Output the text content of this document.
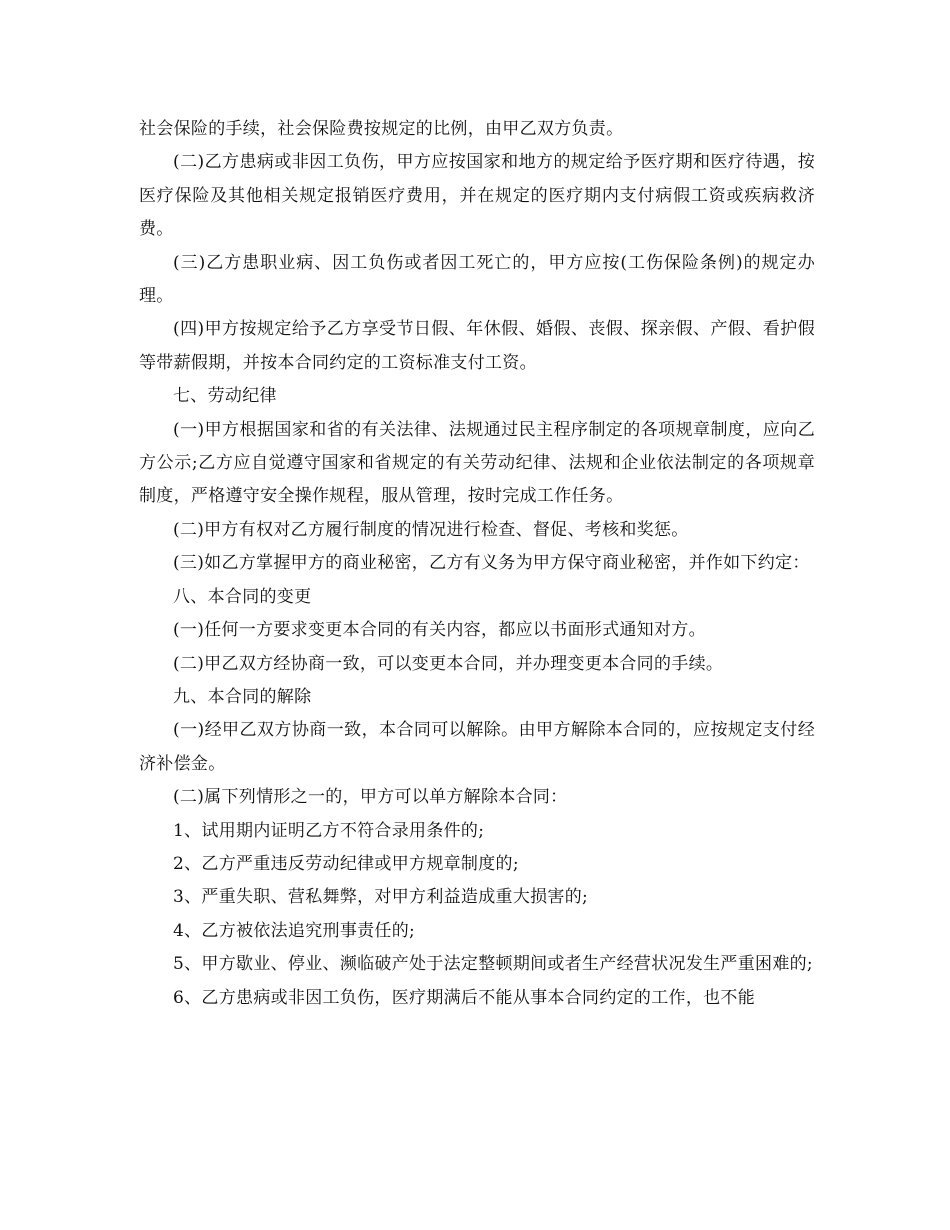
社会保险的手续，社会保险费按规定的比例，由甲乙双方负责。

(二)乙方患病或非因工负伤，甲方应按国家和地方的规定给予医疗期和医疗待遇，按医疗保险及其他相关规定报销医疗费用，并在规定的医疗期内支付病假工资或疾病救济费。

(三)乙方患职业病、因工负伤或者因工死亡的，甲方应按(工伤保险条例)的规定办理。

(四)甲方按规定给予乙方享受节日假、年休假、婚假、丧假、探亲假、产假、看护假等带薪假期，并按本合同约定的工资标准支付工资。

七、劳动纪律

(一)甲方根据国家和省的有关法律、法规通过民主程序制定的各项规章制度，应向乙方公示;乙方应自觉遵守国家和省规定的有关劳动纪律、法规和企业依法制定的各项规章制度，严格遵守安全操作规程，服从管理，按时完成工作任务。

(二)甲方有权对乙方履行制度的情况进行检查、督促、考核和奖惩。

(三)如乙方掌握甲方的商业秘密，乙方有义务为甲方保守商业秘密，并作如下约定：

八、本合同的变更

(一)任何一方要求变更本合同的有关内容，都应以书面形式通知对方。

(二)甲乙双方经协商一致，可以变更本合同，并办理变更本合同的手续。

九、本合同的解除

(一)经甲乙双方协商一致，本合同可以解除。由甲方解除本合同的，应按规定支付经济补偿金。

(二)属下列情形之一的，甲方可以单方解除本合同：

1、试用期内证明乙方不符合录用条件的;

2、乙方严重违反劳动纪律或甲方规章制度的;

3、严重失职、营私舞弊，对甲方利益造成重大损害的;

4、乙方被依法追究刑事责任的;

5、甲方歇业、停业、濒临破产处于法定整顿期间或者生产经营状况发生严重困难的;

6、乙方患病或非因工负伤，医疗期满后不能从事本合同约定的工作，也不能
